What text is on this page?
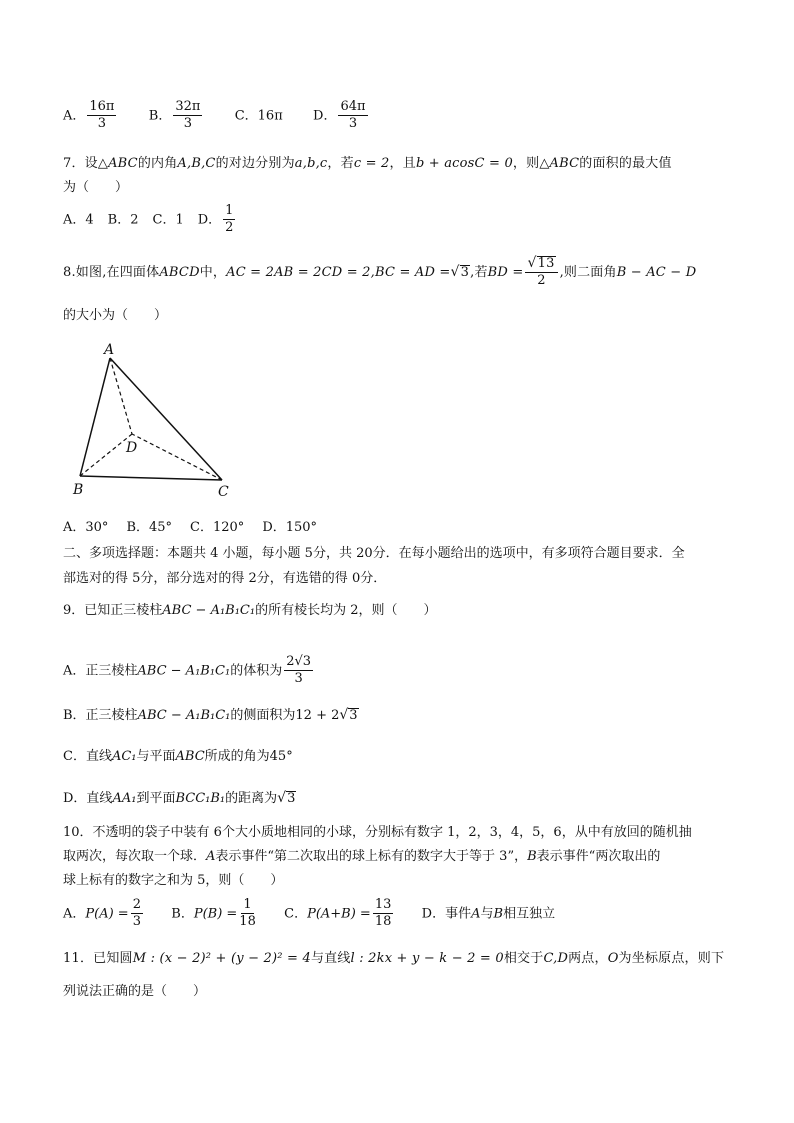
A． $\frac{16\pi}{3}$ B． $\frac{32\pi}{3}$ C．16π D． $\frac{64\pi}{3}$
7．设△ABC的内角A,B,C的对边分别为a,b,c，若c = 2，且b + acosC = 0，则△ABC的面积的最大值
为（　　）
A．4 B．2 C．1 D． $\frac{1}{2}$
8.如图,在四面体ABCD中，AC = 2AB = 2CD = 2,BC = AD = √ 3 ,若BD = $\frac{√ 13}{2}$ ,则二面角B − AC − D
的大小为（　　）
A
B	C
D
A．30° B．45° C．120° D．150°
二、多项选择题：本题共 4 小题，每小题 5分，共 20分．在每小题给出的选项中，有多项符合题目要求．全
部选对的得 5分，部分选对的得 2分，有选错的得 0分．
9．已知正三棱柱ABC − A₁B₁C₁的所有棱长均为 2，则（　　）
A．正三棱柱ABC − A₁B₁C₁的体积为 $\frac{2√3}{3}$
B．正三棱柱ABC − A₁B₁C₁的侧面积为12 + 2 √ 3
C．直线AC₁与平面ABC所成的角为45°
D．直线AA₁到平面BCC₁B₁的距离为 √ 3
10．不透明的袋子中装有 6个大小质地相同的小球，分别标有数字 1，2，3，4，5，6，从中有放回的随机抽
取两次，每次取一个球．A表示事件“第二次取出的球上标有的数字大于等于 3”，B表示事件“两次取出的
球上标有的数字之和为 5，则（　　）
A．$P(A) = \frac{2}{3}$ B．$P(B) = \frac{1}{18}$ C．$P(A+B) = \frac{13}{18}$ D．事件A与B相互独立
11．已知圆M : (x − 2)² + (y − 2)² = 4与直线l : 2kx + y − k − 2 = 0相交于C,D两点，O为坐标原点，则下
列说法正确的是（　　）
